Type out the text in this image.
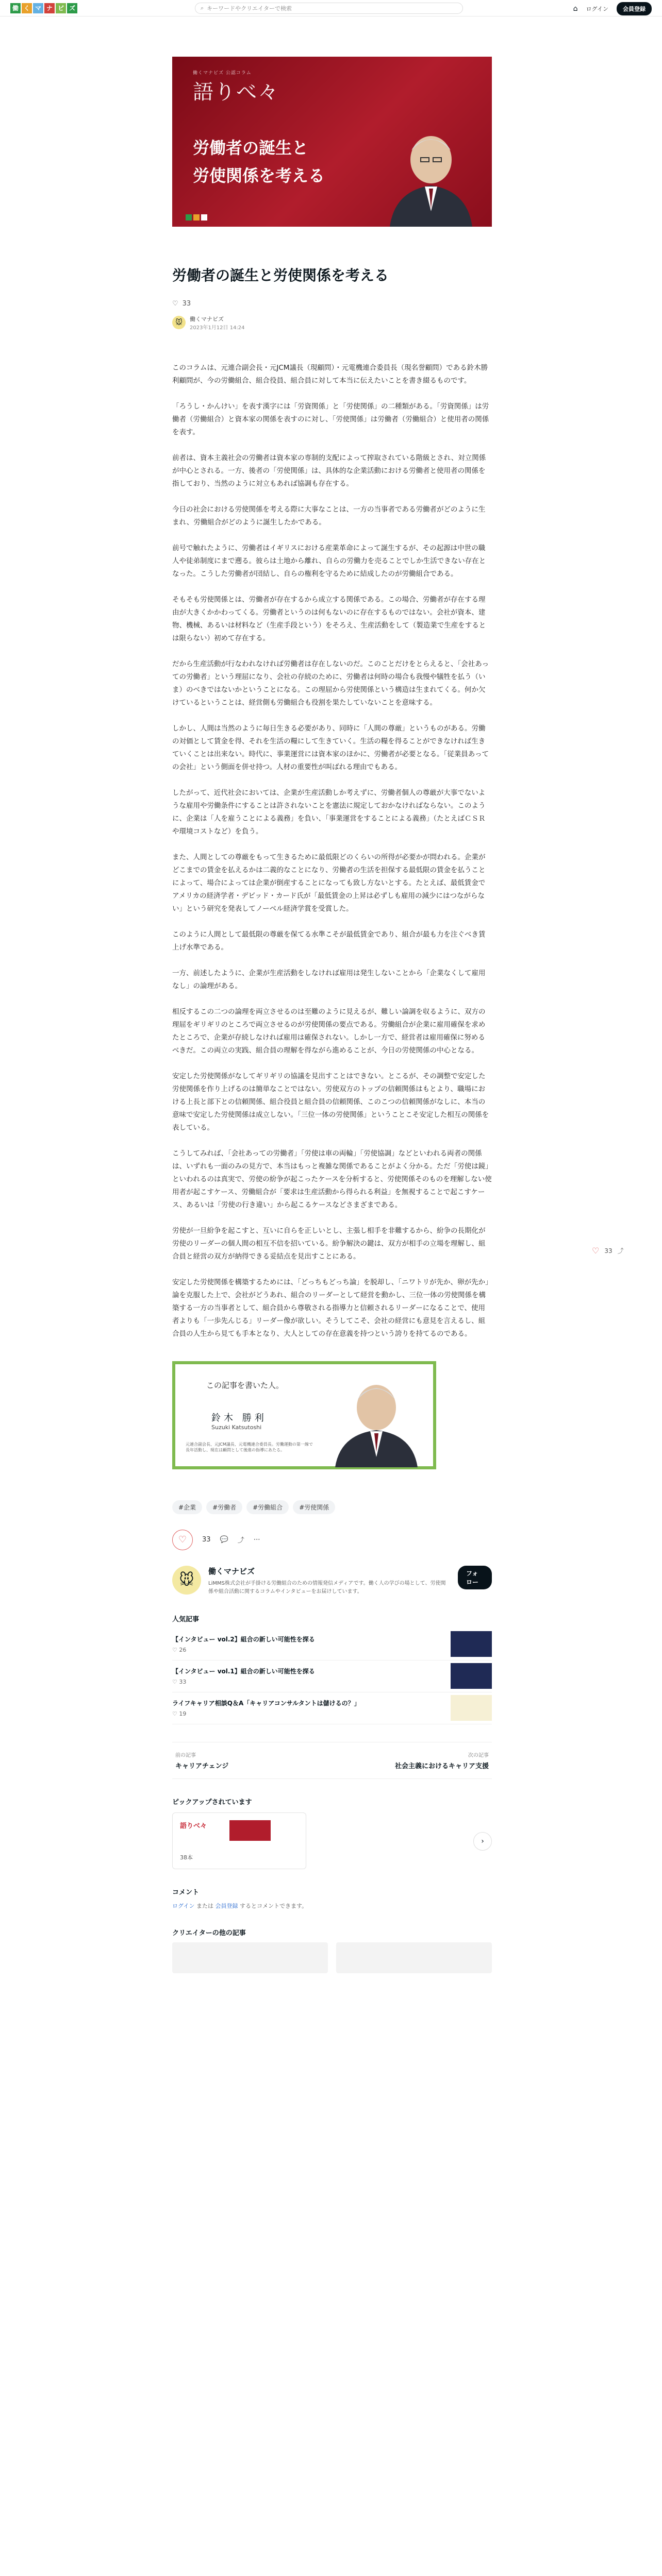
働 く マ ナ ビ ズ	⌕ キーワードやクリエイターで検索	⌂ ログイン	会員登録
♡ 33 ⤴
働くマナビズ 公認コラム
語りべ々
労働者の誕生と
労使関係を考える
労働者の誕生と労使関係を考える
♡ 33
🐭	働くマナビズ
2023年1月12日 14:24

このコラムは、元連合副会長・元JCM議長（現顧問）・元電機連合委員長（現名誉顧問）である鈴木勝利顧問が、今の労働組合、組合役員、組合員に対して本当に伝えたいことを書き綴るものです。

「ろうし・かんけい」を表す漢字には「労資関係」と「労使関係」の二種類がある。「労資関係」は労働者（労働組合）と資本家の関係を表すのに対し、「労使関係」は労働者（労働組合）と使用者の関係を表す。

前者は、資本主義社会の労働者は資本家の専制的支配によって搾取されている階級とされ、対立関係が中心とされる。一方、後者の「労使関係」は、具体的な企業活動における労働者と使用者の関係を指しており、当然のように対立もあれば協調も存在する。

今日の社会における労使関係を考える際に大事なことは、一方の当事者である労働者がどのように生まれ、労働組合がどのように誕生したかである。

前号で触れたように、労働者はイギリスにおける産業革命によって誕生するが、その起源は中世の職人や徒弟制度にまで遡る。彼らは土地から離れ、自らの労働力を売ることでしか生活できない存在となった。こうした労働者が団結し、自らの権利を守るために結成したのが労働組合である。

そもそも労使関係とは、労働者が存在するから成立する関係である。この場合、労働者が存在する理由が大きくかかわってくる。労働者というのは何もないのに存在するものではない。会社が資本、建物、機械、あるいは材料など（生産手段という）をそろえ、生産活動をして（製造業で生産をするとは限らない）初めて存在する。

だから生産活動が行なわれなければ労働者は存在しないのだ。このことだけをとらえると、「会社あっての労働者」という理屈になり、会社の存続のために、労働者は何時の場合も我慢や犠牲を払う（いま）のべきではないかということになる。この理屈から労使関係という構造は生まれてくる。何か欠けているということは、経営側も労働組合も役割を果たしていないことを意味する。

しかし、人間は当然のように毎日生きる必要があり、同時に「人間の尊厳」というものがある。労働の対価として賃金を得、それを生活の糧にして生きていく。生活の糧を得ることができなければ生きていくことは出来ない。時代に、事業運営には資本家のほかに、労働者が必要となる。「従業員あっての会社」という側面を併せ持つ。人材の重要性が叫ばれる理由でもある。

したがって、近代社会においては、企業が生産活動しか考えずに、労働者個人の尊厳が大事でないような雇用や労働条件にすることは許されないことを憲法に規定しておかなければならない。このように、企業は「人を雇うことによる義務」を負い、「事業運営をすることによる義務」（たとえばＣＳＲや環境コストなど）を負う。

また、人間としての尊厳をもって生きるために最低限どのくらいの所得が必要かが問われる。企業がどこまでの賃金を払えるかは二義的なことになり、労働者の生活を担保する最低限の賃金を払うことによって、場合によっては企業が倒産することになっても致し方ないとする。たとえば、最低賃金でアメリカの経済学者・デビッド・カード氏が「最低賃金の上昇は必ずしも雇用の減少にはつながらない」という研究を発表してノーベル経済学賞を受賞した。

このように人間として最低限の尊厳を保てる水準こそが最低賃金であり、組合が最も力を注ぐべき賃上げ水準である。

一方、前述したように、企業が生産活動をしなければ雇用は発生しないことから「企業なくして雇用なし」の論理がある。

相反するこの二つの論理を両立させるのは至難のように見えるが、難しい論調を収るように、双方の理屈をギリギリのところで両立させるのが労使関係の要点である。労働組合が企業に雇用確保を求めたところで、企業が存続しなければ雇用は確保されない。しかし一方で、経営者は雇用確保に努めるべきだ。この両立の実践、組合員の理解を得ながら進めることが、今日の労使関係の中心となる。

安定した労使関係がなしてギリギリの協議を見出すことはできない。とこるが、その調整で安定した労使関係を作り上げるのは簡単なことではない。労使双方のトップの信頼関係はもとより、職場における上長と部下との信頼関係、組合役員と組合員の信頼関係、このこつの信頼関係がなしに、本当の意味で安定した労使関係は成立しない。「三位一体の労使関係」ということこそ安定した相互の関係を表している。

こうしてみれば、「会社あっての労働者」「労使は車の両輪」「労使協調」などといわれる両者の関係は、いずれも一面のみの見方で、本当はもっと複雑な関係であることがよく分かる。ただ「労使は鏡」といわれるのは真実で、労使の紛争が起こったケースを分析すると、労使関係そのものを理解しない使用者が起こすケース、労働組合が「要求は生産活動から得られる利益」を無視することで起こすケース、あるいは「労使の行き違い」から起こるケースなどさまざまである。

労使が一旦紛争を起こすと、互いに自らを正しいとし、主張し相手を非難するから、紛争の長期化が労使のリーダーの個人間の相互不信を招いている。紛争解決の鍵は、双方が相手の立場を理解し、組合員と経営の双方が納得できる妥結点を見出すことにある。

安定した労使関係を構築するためには、「どっちもどっち論」を脱却し、「ニワトリが先か、卵が先か」論を克服した上で、会社がどうあれ、組合のリーダーとして経営を動かし、三位一体の労使関係を構築する一方の当事者として、組合員から尊敬される指導力と信頼されるリーダーになることで、使用者よりも「一歩先んじる」リーダー像が欲しい。そうしてこそ、会社の経営にも意見を言えるし、組合員の人生から見ても手本となり、大人としての存在意義を持つという誇りを持てるのである。

この記事を書いた人。
鈴木 勝利
Suzuki Katsutoshi
元連合副会長、元JCM議長、元電機連合委員長。労働運動の第一線で長年活動し、現在は顧問として後進の指導にあたる。
#企業	#労働者	#労働組合	#労使関係
♡	33 💬 ⤴ ⋯
🐭
働くマナビズ
LiMMS株式会社が手掛ける労働組合のための情報発信メディアです。働く人の学びの場として、労使関係や組合活動に関するコラムやインタビューをお届けしています。
フォロー
人気記事
【インタビュー vol.2】組合の新しい可能性を探る
♡ 26
【インタビュー vol.1】組合の新しい可能性を探る
♡ 33
ライフキャリア相談Q＆A「キャリアコンサルタントは儲けるの？」
♡ 19
前の記事
キャリアチェンジ
次の記事
社会主義におけるキャリア支援
ピックアップされています
語りべ々
38本
›
コメント
ログイン または 会員登録 するとコメントできます。
クリエイターの他の記事
